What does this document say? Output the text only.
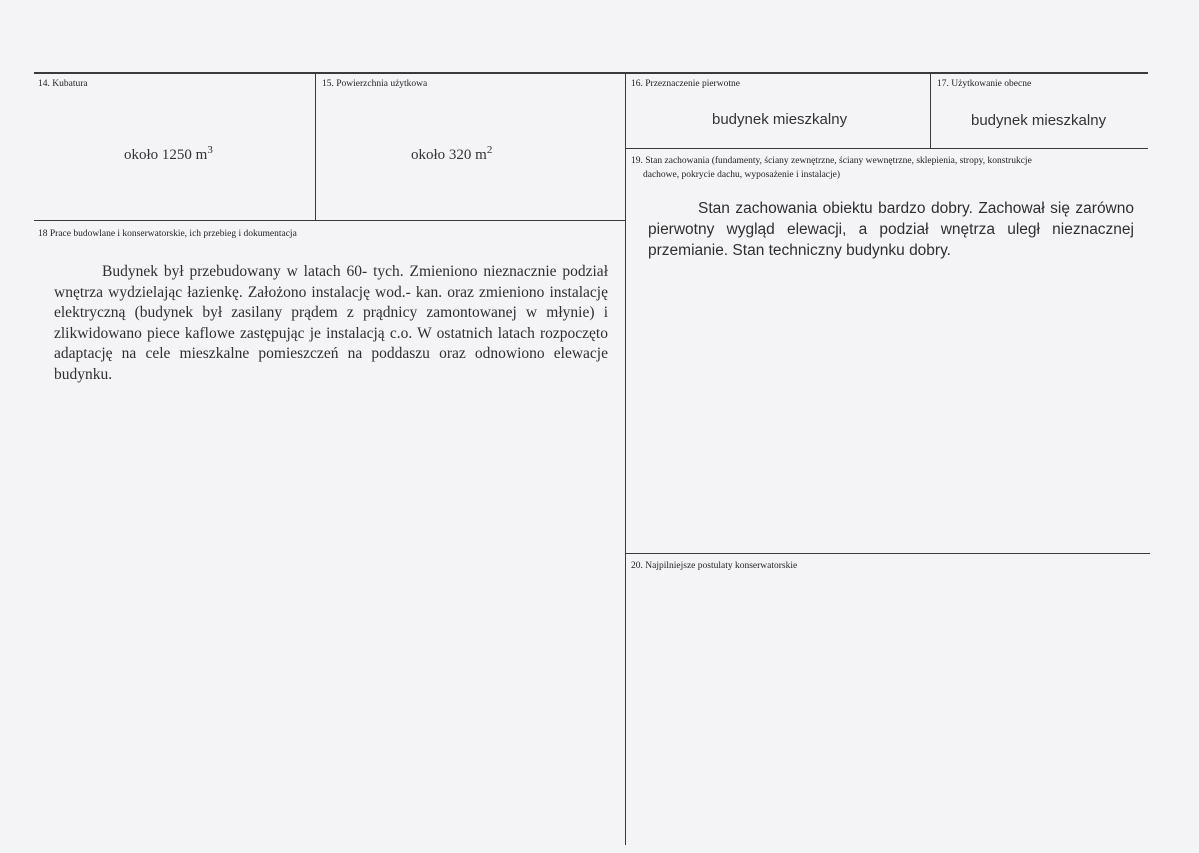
14. Kubatura
około 1250 $m^3$
15. Powierzchnia użytkowa
około 320 $m^2$
16. Przeznaczenie pierwotne
budynek mieszkalny
17. Użytkowanie obecne
budynek mieszkalny
18 Prace budowlane i konserwatorskie, ich przebieg i dokumentacja
Budynek był przebudowany w latach 60- tych. Zmieniono nieznacznie podział wnętrza wydzielając łazienkę. Założono instalację wod.- kan. oraz zmieniono instalację elektryczną (budynek był zasilany prądem z prądnicy zamontowanej w młynie) i zlikwidowano piece kaflowe zastępując je instalacją c.o. W ostatnich latach rozpoczęto adaptację na cele mieszkalne pomieszczeń na poddaszu oraz odnowiono elewacje budynku.
19. Stan zachowania (fundamenty, ściany zewnętrzne, ściany wewnętrzne, sklepienia, stropy, konstrukcje
dachowe, pokrycie dachu, wyposażenie i instalacje)
Stan zachowania obiektu bardzo dobry. Zachował się zarówno pierwotny wygląd elewacji, a podział wnętrza uległ nieznacznej przemianie. Stan techniczny budynku dobry.
20. Najpilniejsze postulaty konserwatorskie
